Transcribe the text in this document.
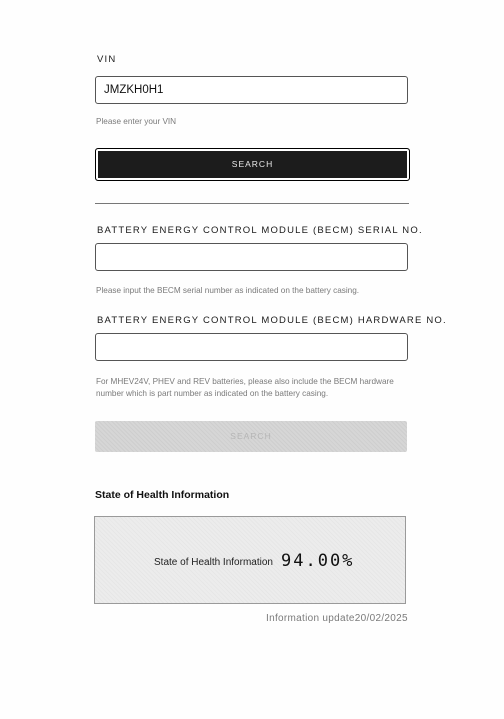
VIN
JMZKH0H1
Please enter your VIN
SEARCH
BATTERY ENERGY CONTROL MODULE (BECM) SERIAL NO.
Please input the BECM serial number as indicated on the battery casing.
BATTERY ENERGY CONTROL MODULE (BECM) HARDWARE NO.
For MHEV24V, PHEV and REV batteries, please also include the BECM hardware
number which is part number as indicated on the battery casing.
SEARCH
State of Health Information
State of Health Information 94.00%
Information update20/02/2025
